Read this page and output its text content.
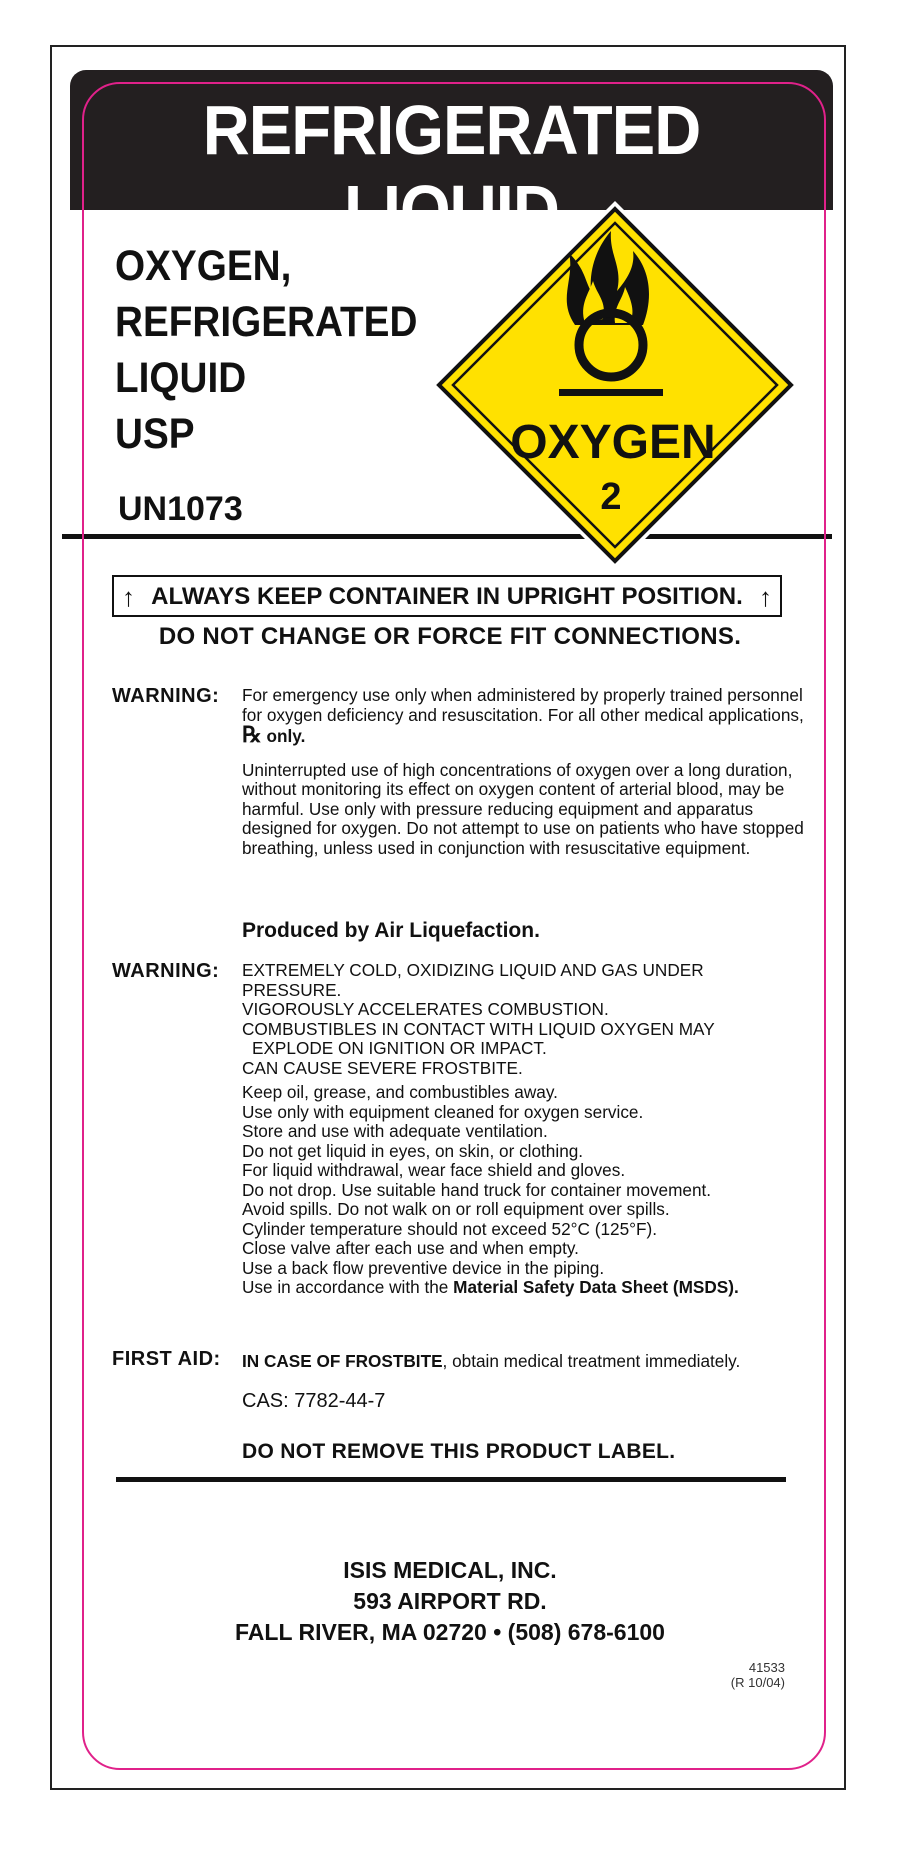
REFRIGERATED LIQUID
OXYGEN,
REFRIGERATED
LIQUID
USP
UN1073
OXYGEN
2
↑ ALWAYS KEEP CONTAINER IN UPRIGHT POSITION. ↑
DO NOT CHANGE OR FORCE FIT CONNECTIONS.
WARNING: For emergency use only when administered by properly trained personnel for oxygen deficiency and resuscitation. For all other medical applications, ℞ only.

Uninterrupted use of high concentrations of oxygen over a long duration, without monitoring its effect on oxygen content of arterial blood, may be harmful. Use only with pressure reducing equipment and apparatus designed for oxygen. Do not attempt to use on patients who have stopped breathing, unless used in conjunction with resuscitative equipment.

Produced by Air Liquefaction.
WARNING: EXTREMELY COLD, OXIDIZING LIQUID AND GAS UNDER
PRESSURE.
VIGOROUSLY ACCELERATES COMBUSTION.
COMBUSTIBLES IN CONTACT WITH LIQUID OXYGEN MAY
EXPLODE ON IGNITION OR IMPACT.
CAN CAUSE SEVERE FROSTBITE.
Keep oil, grease, and combustibles away.
Use only with equipment cleaned for oxygen service.
Store and use with adequate ventilation.
Do not get liquid in eyes, on skin, or clothing.
For liquid withdrawal, wear face shield and gloves.
Do not drop. Use suitable hand truck for container movement.
Avoid spills. Do not walk on or roll equipment over spills.
Cylinder temperature should not exceed 52°C (125°F).
Close valve after each use and when empty.
Use a back flow preventive device in the piping.
Use in accordance with the Material Safety Data Sheet (MSDS).
FIRST AID: IN CASE OF FROSTBITE, obtain medical treatment immediately.
CAS: 7782-44-7
DO NOT REMOVE THIS PRODUCT LABEL.
ISIS MEDICAL, INC.
593 AIRPORT RD.
FALL RIVER, MA 02720 • (508) 678-6100
41533
(R 10/04)
